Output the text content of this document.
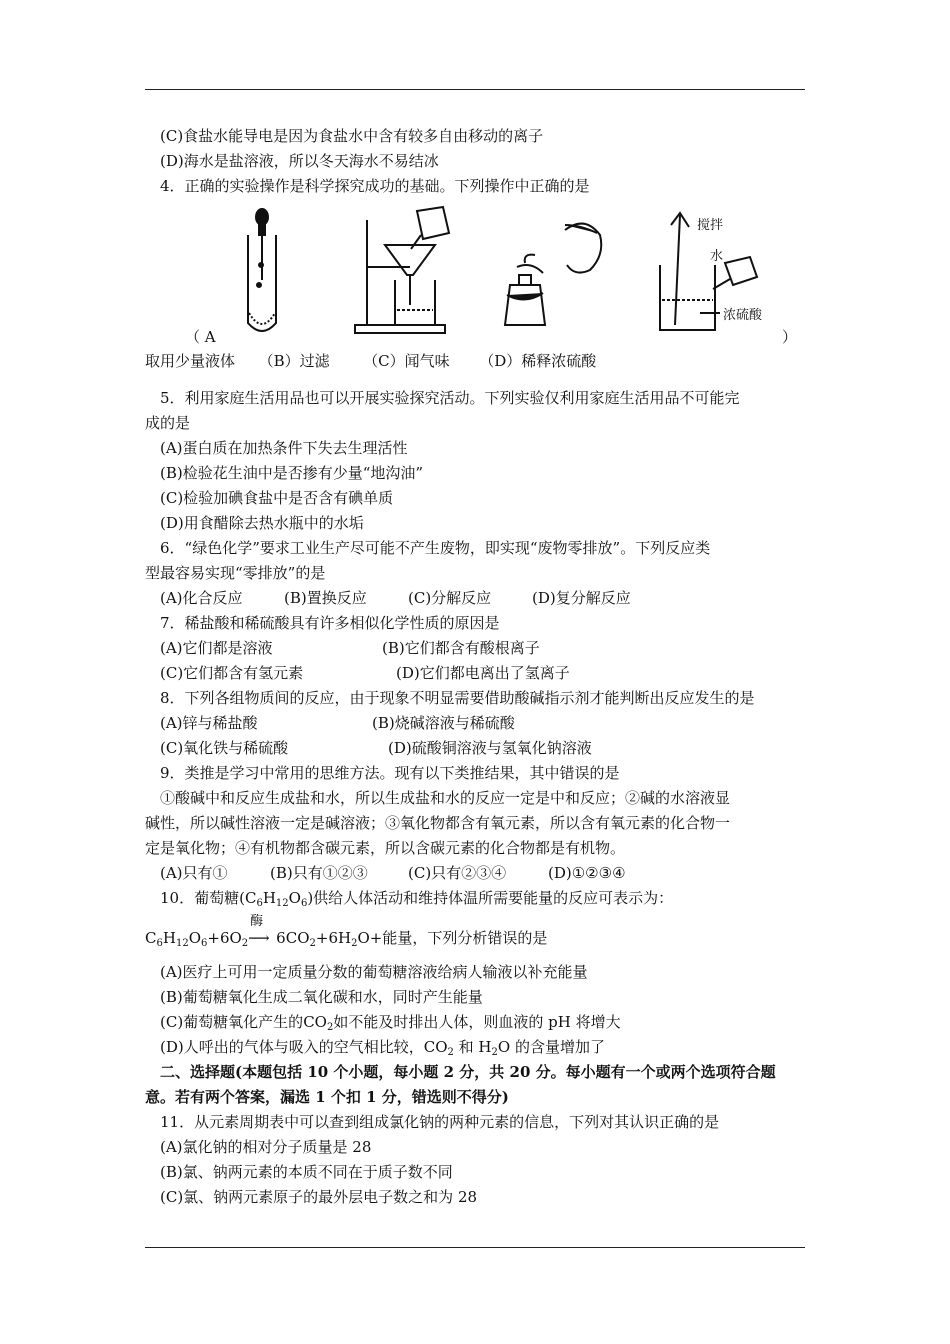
(C)食盐水能导电是因为食盐水中含有较多自由移动的离子
(D)海水是盐溶液，所以冬天海水不易结冰
4．正确的实验操作是科学探究成功的基础。下列操作中正确的是
搅拌
水
浓硫酸
（ A	）
取用少量液体 （B）过滤 （C）闻气味 （D）稀释浓硫酸
5．利用家庭生活用品也可以开展实验探究活动。下列实验仅利用家庭生活用品不可能完
成的是
(A)蛋白质在加热条件下失去生理活性
(B)检验花生油中是否掺有少量“地沟油”
(C)检验加碘食盐中是否含有碘单质
(D)用食醋除去热水瓶中的水垢
6．“绿色化学”要求工业生产尽可能不产生废物，即实现“废物零排放”。下列反应类
型最容易实现“零排放”的是
(A)化合反应	(B)置换反应	(C)分解反应	(D)复分解反应
7．稀盐酸和稀硫酸具有许多相似化学性质的原因是
(A)它们都是溶液	(B)它们都含有酸根离子
(C)它们都含有氢元素	(D)它们都电离出了氢离子
8．下列各组物质间的反应，由于现象不明显需要借助酸碱指示剂才能判断出反应发生的是
(A)锌与稀盐酸	(B)烧碱溶液与稀硫酸
(C)氧化铁与稀硫酸	(D)硫酸铜溶液与氢氧化钠溶液
9．类推是学习中常用的思维方法。现有以下类推结果，其中错误的是
①酸碱中和反应生成盐和水，所以生成盐和水的反应一定是中和反应；②碱的水溶液显
碱性，所以碱性溶液一定是碱溶液；③氧化物都含有氧元素，所以含有氧元素的化合物一
定是氧化物；④有机物都含碳元素，所以含碳元素的化合物都是有机物。
(A)只有①	(B)只有①②③	(C)只有②③④	(D)①②③④
10．葡萄糖$(C_6H_{12}O_6)$供给人体活动和维持体温所需要能量的反应可表示为：
$C_6H_{12}O_6+6O_2$
酶
⟶ $6CO_2+6H_2O+$能量，下列分析错误的是
(A)医疗上可用一定质量分数的葡萄糖溶液给病人输液以补充能量
(B)葡萄糖氧化生成二氧化碳和水，同时产生能量
(C)葡萄糖氧化产生的$CO_2$如不能及时排出人体，则血液的 pH 将增大
(D)人呼出的气体与吸入的空气相比较，$CO_2$ 和 $H_2O$ 的含量增加了
二、选择题(本题包括 10 个小题，每小题 2 分，共 20 分。每小题有一个或两个选项符合题
意。若有两个答案，漏选 1 个扣 1 分，错选则不得分)
11．从元素周期表中可以查到组成氯化钠的两种元素的信息，下列对其认识正确的是
(A)氯化钠的相对分子质量是 28
(B)氯、钠两元素的本质不同在于质子数不同
(C)氯、钠两元素原子的最外层电子数之和为 28
